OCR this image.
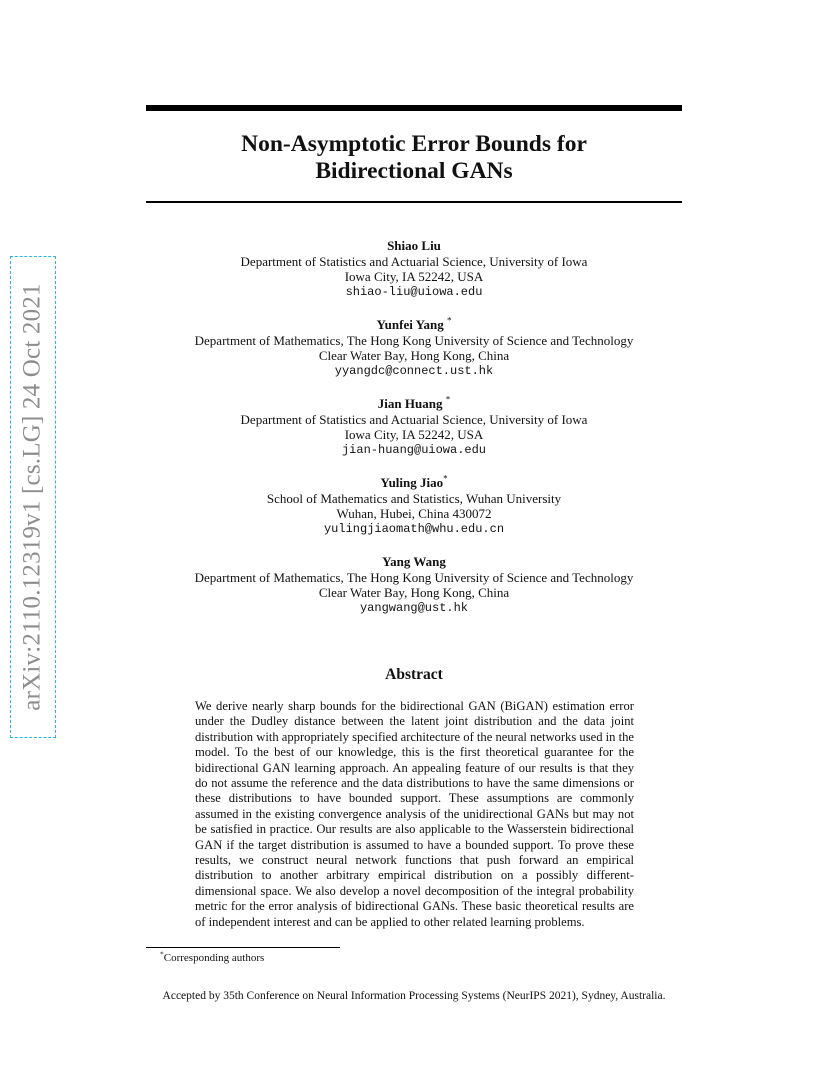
arXiv:2110.12319v1 [cs.LG] 24 Oct 2021
Non-Asymptotic Error Bounds for
Bidirectional GANs
Shiao Liu
Department of Statistics and Actuarial Science, University of Iowa
Iowa City, IA 52242, USA
shiao-liu@uiowa.edu
Yunfei Yang *
Department of Mathematics, The Hong Kong University of Science and Technology
Clear Water Bay, Hong Kong, China
yyangdc@connect.ust.hk
Jian Huang *
Department of Statistics and Actuarial Science, University of Iowa
Iowa City, IA 52242, USA
jian-huang@uiowa.edu
Yuling Jiao*
School of Mathematics and Statistics, Wuhan University
Wuhan, Hubei, China 430072
yulingjiaomath@whu.edu.cn
Yang Wang
Department of Mathematics, The Hong Kong University of Science and Technology
Clear Water Bay, Hong Kong, China
yangwang@ust.hk
Abstract

We derive nearly sharp bounds for the bidirectional GAN (BiGAN) estimation error under the Dudley distance between the latent joint distribution and the data joint distribution with appropriately specified architecture of the neural networks used in the model. To the best of our knowledge, this is the first theoretical guarantee for the bidirectional GAN learning approach. An appealing feature of our results is that they do not assume the reference and the data distributions to have the same dimensions or these distributions to have bounded support. These assumptions are commonly assumed in the existing convergence analysis of the unidirectional GANs but may not be satisfied in practice. Our results are also applicable to the Wasserstein bidirectional GAN if the target distribution is assumed to have a bounded support. To prove these results, we construct neural network functions that push forward an empirical distribution to another arbitrary empirical distribution on a possibly different-dimensional space. We also develop a novel decomposition of the integral probability metric for the error analysis of bidirectional GANs. These basic theoretical results are of independent interest and can be applied to other related learning problems.

*Corresponding authors
Accepted by 35th Conference on Neural Information Processing Systems (NeurIPS 2021), Sydney, Australia.
